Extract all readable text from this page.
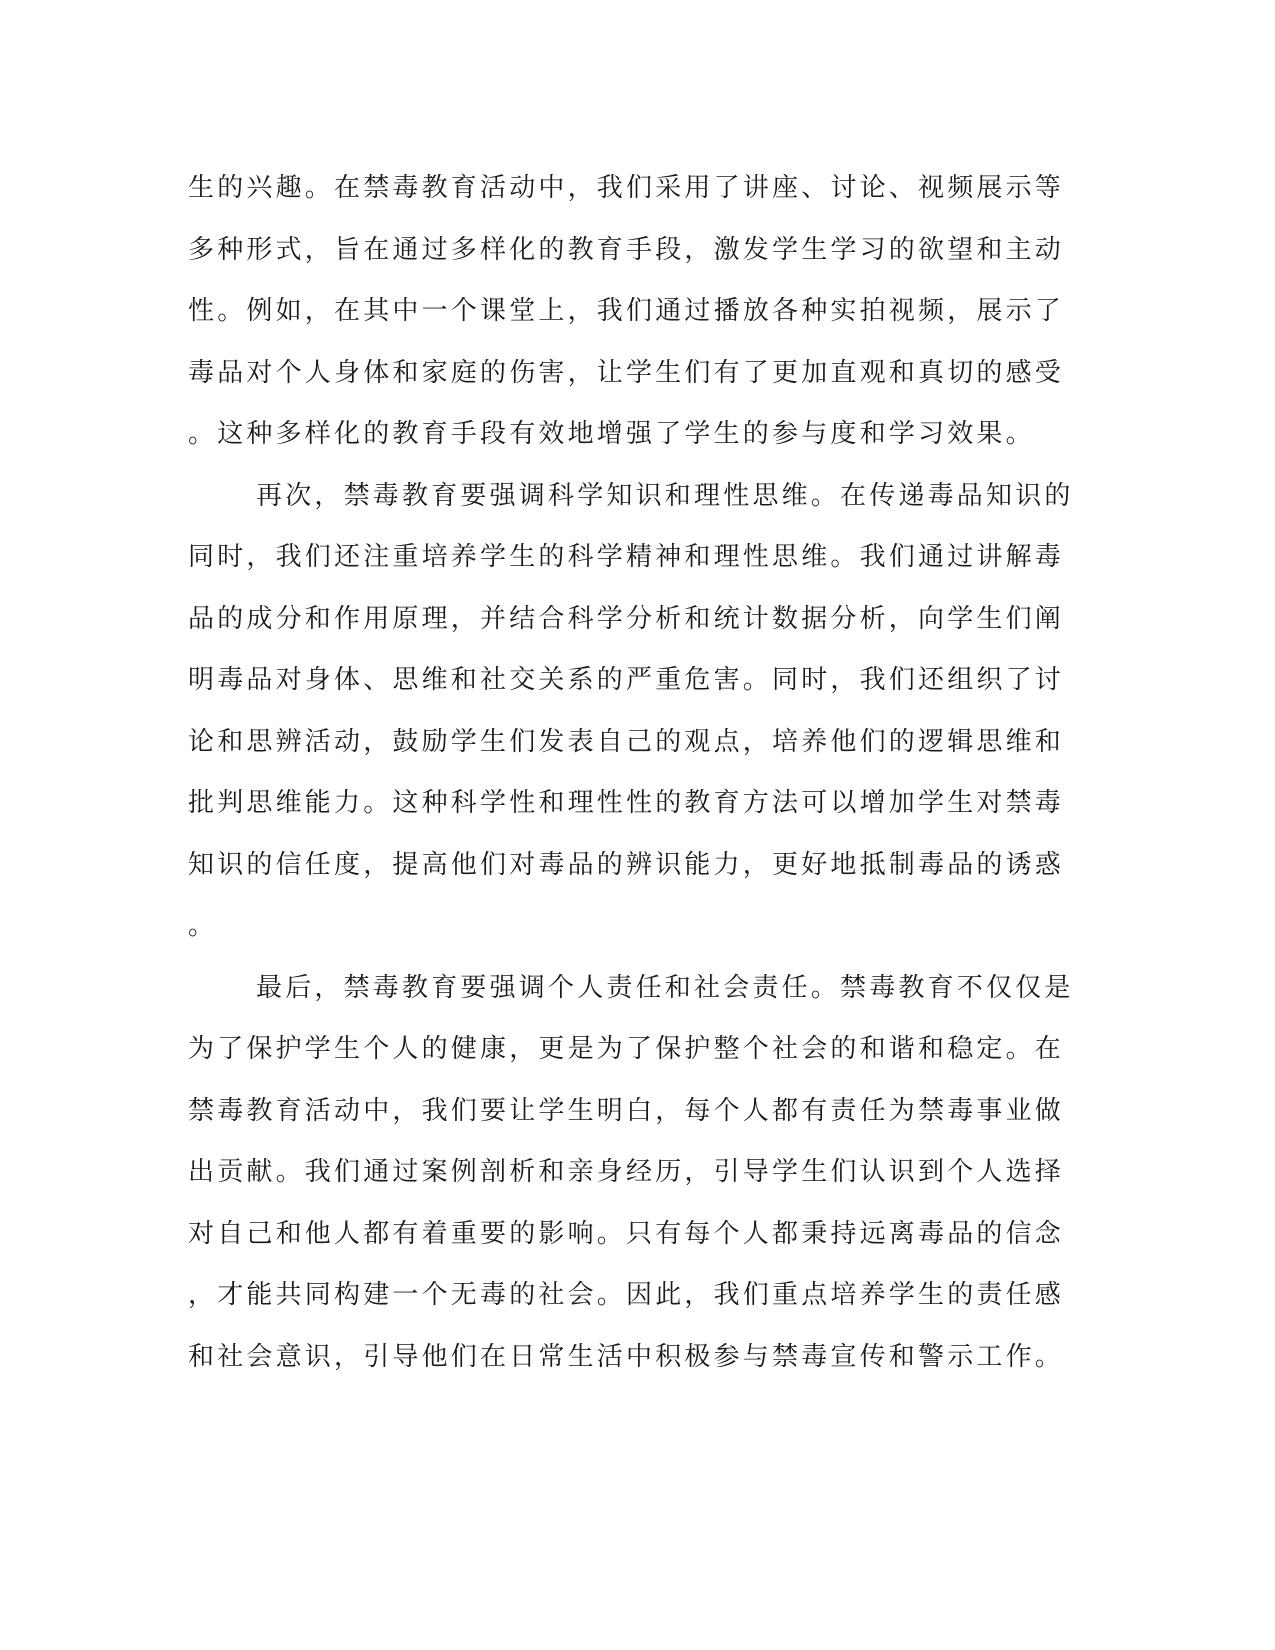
生的兴趣。在禁毒教育活动中，我们采用了讲座、讨论、视频展示等
多种形式，旨在通过多样化的教育手段，激发学生学习的欲望和主动
性。例如，在其中一个课堂上，我们通过播放各种实拍视频，展示了
毒品对个人身体和家庭的伤害，让学生们有了更加直观和真切的感受
。这种多样化的教育手段有效地增强了学生的参与度和学习效果。
再次，禁毒教育要强调科学知识和理性思维。在传递毒品知识的
同时，我们还注重培养学生的科学精神和理性思维。我们通过讲解毒
品的成分和作用原理，并结合科学分析和统计数据分析，向学生们阐
明毒品对身体、思维和社交关系的严重危害。同时，我们还组织了讨
论和思辨活动，鼓励学生们发表自己的观点，培养他们的逻辑思维和
批判思维能力。这种科学性和理性性的教育方法可以增加学生对禁毒
知识的信任度，提高他们对毒品的辨识能力，更好地抵制毒品的诱惑
。
最后，禁毒教育要强调个人责任和社会责任。禁毒教育不仅仅是
为了保护学生个人的健康，更是为了保护整个社会的和谐和稳定。在
禁毒教育活动中，我们要让学生明白，每个人都有责任为禁毒事业做
出贡献。我们通过案例剖析和亲身经历，引导学生们认识到个人选择
对自己和他人都有着重要的影响。只有每个人都秉持远离毒品的信念
，才能共同构建一个无毒的社会。因此，我们重点培养学生的责任感
和社会意识，引导他们在日常生活中积极参与禁毒宣传和警示工作。
